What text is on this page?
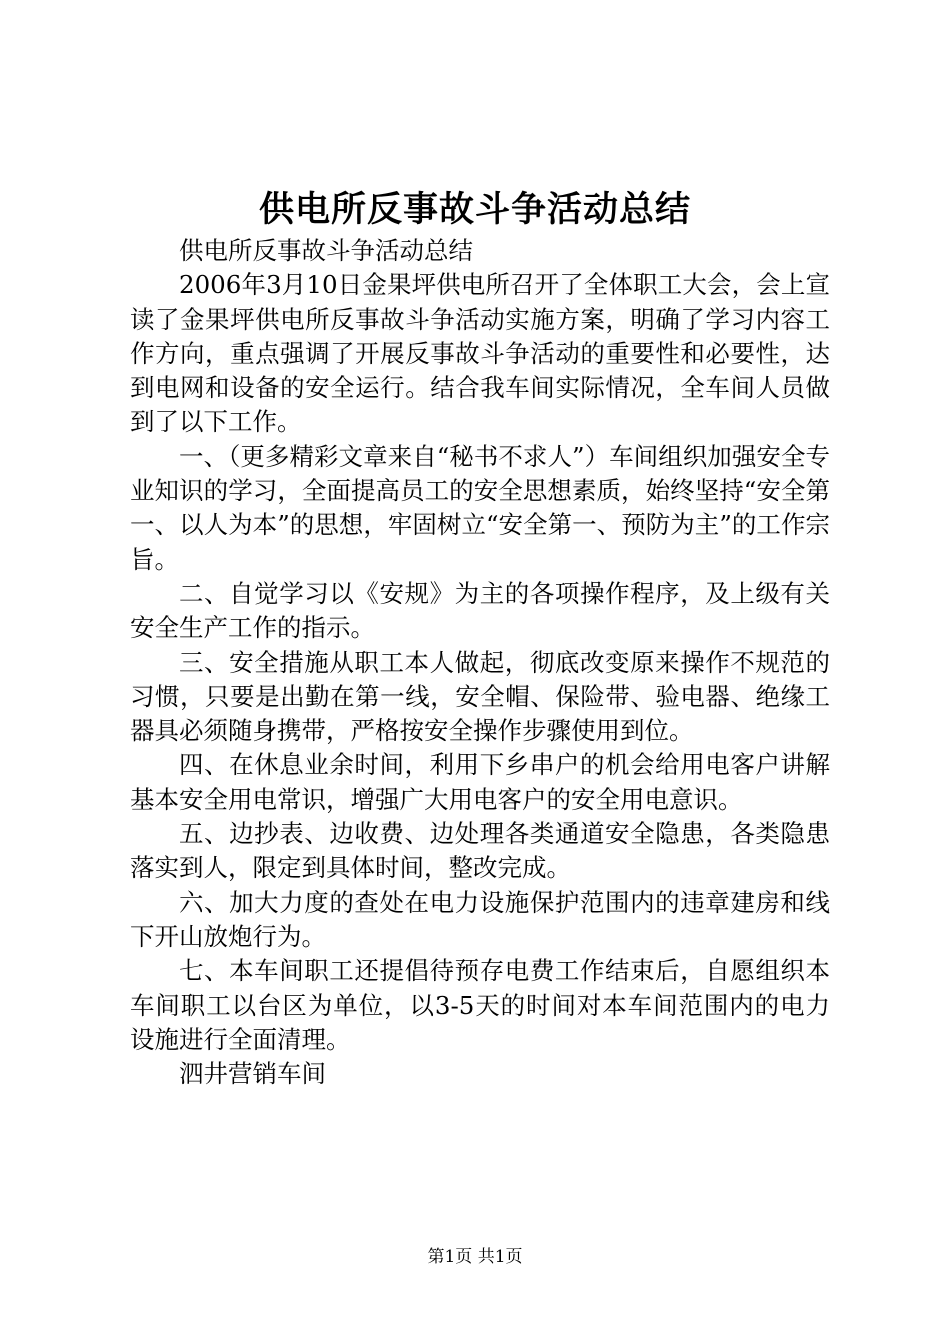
供电所反事故斗争活动总结

供电所反事故斗争活动总结

2006年3月10日金果坪供电所召开了全体职工大会，会上宣读了金果坪供电所反事故斗争活动实施方案，明确了学习内容工作方向，重点强调了开展反事故斗争活动的重要性和必要性，达到电网和设备的安全运行。结合我车间实际情况，全车间人员做到了以下工作。

一、（更多精彩文章来自“秘书不求人”）车间组织加强安全专业知识的学习，全面提高员工的安全思想素质，始终坚持“安全第一、以人为本”的思想，牢固树立“安全第一、预防为主”的工作宗旨。

二、自觉学习以《安规》为主的各项操作程序，及上级有关安全生产工作的指示。

三、安全措施从职工本人做起，彻底改变原来操作不规范的习惯，只要是出勤在第一线，安全帽、保险带、验电器、绝缘工器具必须随身携带，严格按安全操作步骤使用到位。

四、在休息业余时间，利用下乡串户的机会给用电客户讲解基本安全用电常识，增强广大用电客户的安全用电意识。

五、边抄表、边收费、边处理各类通道安全隐患，各类隐患落实到人，限定到具体时间，整改完成。

六、加大力度的查处在电力设施保护范围内的违章建房和线下开山放炮行为。

七、本车间职工还提倡待预存电费工作结束后，自愿组织本车间职工以台区为单位，以3-5天的时间对本车间范围内的电力设施进行全面清理。

泗井营销车间

第1页 共1页
